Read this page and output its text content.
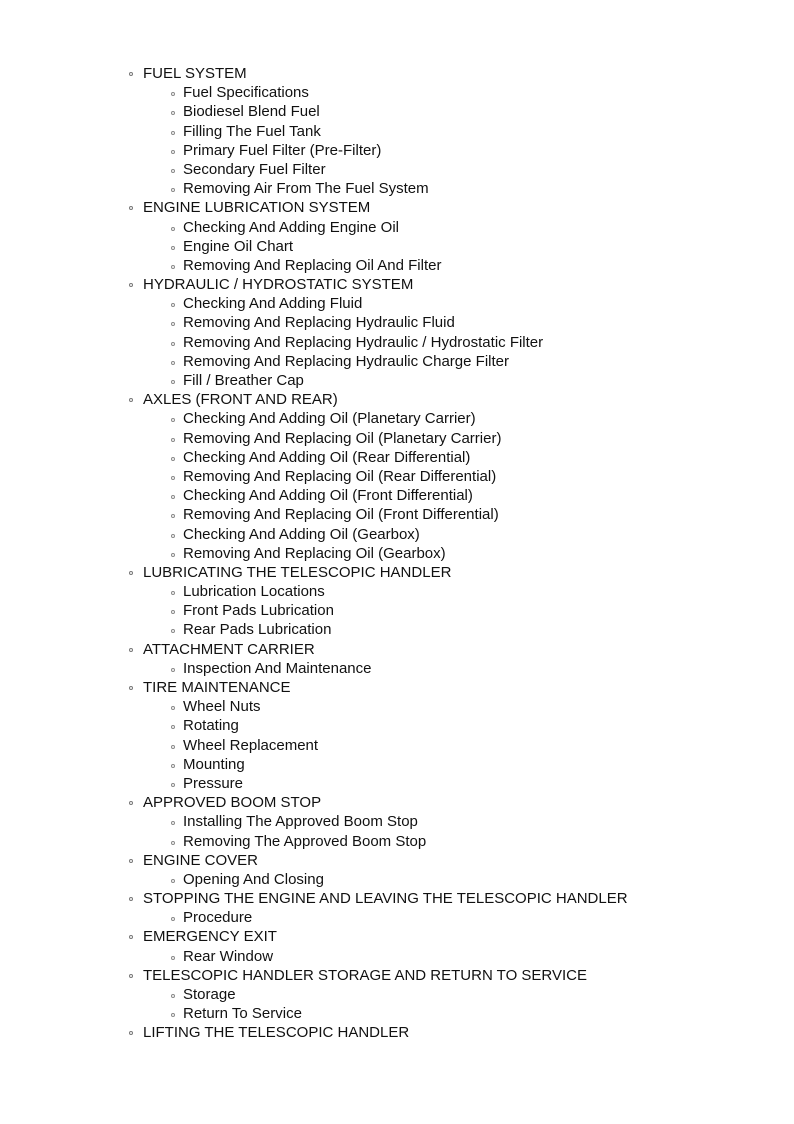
FUEL SYSTEM
Fuel Specifications
Biodiesel Blend Fuel
Filling The Fuel Tank
Primary Fuel Filter (Pre-Filter)
Secondary Fuel Filter
Removing Air From The Fuel System
ENGINE LUBRICATION SYSTEM
Checking And Adding Engine Oil
Engine Oil Chart
Removing And Replacing Oil And Filter
HYDRAULIC / HYDROSTATIC SYSTEM
Checking And Adding Fluid
Removing And Replacing Hydraulic Fluid
Removing And Replacing Hydraulic / Hydrostatic Filter
Removing And Replacing Hydraulic Charge Filter
Fill / Breather Cap
AXLES (FRONT AND REAR)
Checking And Adding Oil (Planetary Carrier)
Removing And Replacing Oil (Planetary Carrier)
Checking And Adding Oil (Rear Differential)
Removing And Replacing Oil (Rear Differential)
Checking And Adding Oil (Front Differential)
Removing And Replacing Oil (Front Differential)
Checking And Adding Oil (Gearbox)
Removing And Replacing Oil (Gearbox)
LUBRICATING THE TELESCOPIC HANDLER
Lubrication Locations
Front Pads Lubrication
Rear Pads Lubrication
ATTACHMENT CARRIER
Inspection And Maintenance
TIRE MAINTENANCE
Wheel Nuts
Rotating
Wheel Replacement
Mounting
Pressure
APPROVED BOOM STOP
Installing The Approved Boom Stop
Removing The Approved Boom Stop
ENGINE COVER
Opening And Closing
STOPPING THE ENGINE AND LEAVING THE TELESCOPIC HANDLER
Procedure
EMERGENCY EXIT
Rear Window
TELESCOPIC HANDLER STORAGE AND RETURN TO SERVICE
Storage
Return To Service
LIFTING THE TELESCOPIC HANDLER
